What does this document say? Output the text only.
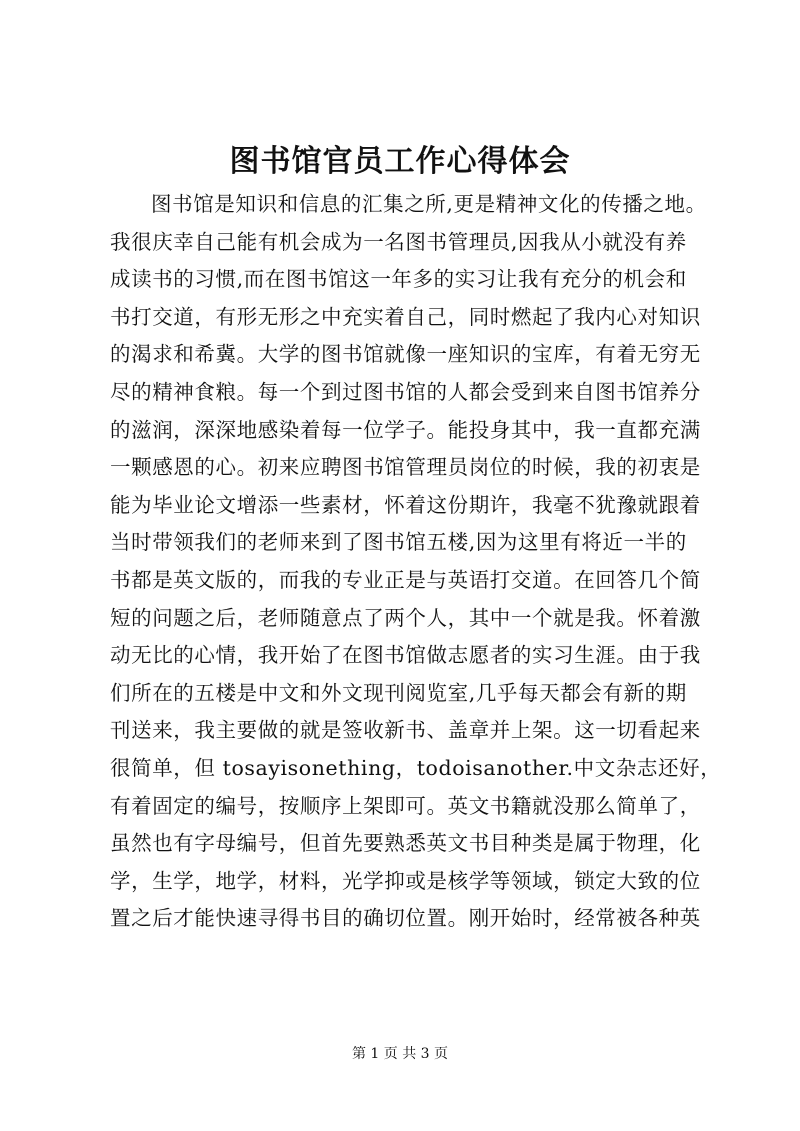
图书馆官员工作心得体会
图书馆是知识和信息的汇集之所,更是精神文化的传播之地。
我很庆幸自己能有机会成为一名图书管理员,因我从小就没有养
成读书的习惯,而在图书馆这一年多的实习让我有充分的机会和
书打交道，有形无形之中充实着自己，同时燃起了我内心对知识
的渴求和希冀。大学的图书馆就像一座知识的宝库，有着无穷无
尽的精神食粮。每一个到过图书馆的人都会受到来自图书馆养分
的滋润，深深地感染着每一位学子。能投身其中，我一直都充满
一颗感恩的心。初来应聘图书馆管理员岗位的时候，我的初衷是
能为毕业论文增添一些素材，怀着这份期许，我毫不犹豫就跟着
当时带领我们的老师来到了图书馆五楼,因为这里有将近一半的
书都是英文版的，而我的专业正是与英语打交道。在回答几个简
短的问题之后，老师随意点了两个人，其中一个就是我。怀着激
动无比的心情，我开始了在图书馆做志愿者的实习生涯。由于我
们所在的五楼是中文和外文现刊阅览室,几乎每天都会有新的期
刊送来，我主要做的就是签收新书、盖章并上架。这一切看起来
很简单，但 tosayisonething，todoisanother.中文杂志还好，
有着固定的编号，按顺序上架即可。英文书籍就没那么简单了，
虽然也有字母编号，但首先要熟悉英文书目种类是属于物理，化
学，生学，地学，材料，光学抑或是核学等领域，锁定大致的位
置之后才能快速寻得书目的确切位置。刚开始时，经常被各种英
第 1 页 共 3 页
